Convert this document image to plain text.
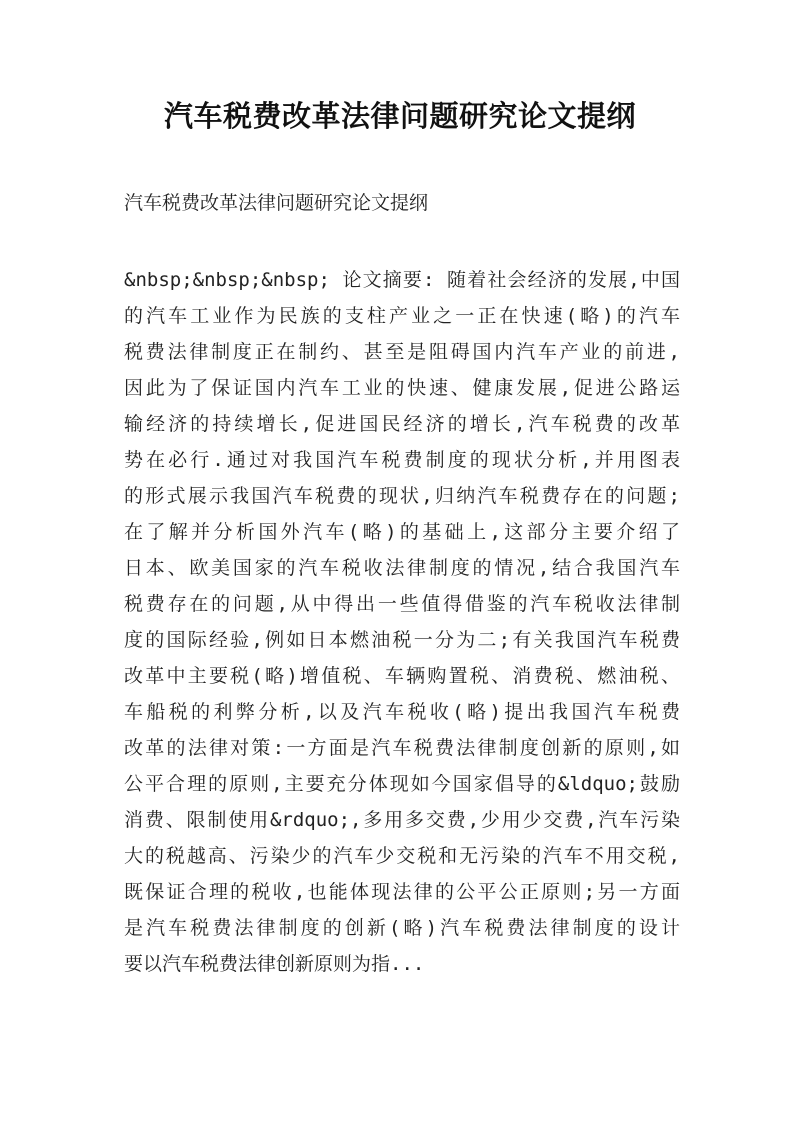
汽车税费改革法律问题研究论文提纲
汽车税费改革法律问题研究论文提纲
&nbsp;&nbsp;&nbsp; 论文摘要: 随着社会经济的发展,中国
的汽车工业作为民族的支柱产业之一正在快速(略)的汽车
税费法律制度正在制约、甚至是阻碍国内汽车产业的前进,
因此为了保证国内汽车工业的快速、健康发展,促进公路运
输经济的持续增长,促进国民经济的增长,汽车税费的改革
势在必行.通过对我国汽车税费制度的现状分析,并用图表
的形式展示我国汽车税费的现状,归纳汽车税费存在的问题;
在了解并分析国外汽车(略)的基础上,这部分主要介绍了
日本、欧美国家的汽车税收法律制度的情况,结合我国汽车
税费存在的问题,从中得出一些值得借鉴的汽车税收法律制
度的国际经验,例如日本燃油税一分为二;有关我国汽车税费
改革中主要税(略)增值税、车辆购置税、消费税、燃油税、
车船税的利弊分析,以及汽车税收(略)提出我国汽车税费
改革的法律对策:一方面是汽车税费法律制度创新的原则,如
公平合理的原则,主要充分体现如今国家倡导的&ldquo;鼓励
消费、限制使用&rdquo;,多用多交费,少用少交费,汽车污染
大的税越高、污染少的汽车少交税和无污染的汽车不用交税,
既保证合理的税收,也能体现法律的公平公正原则;另一方面
是汽车税费法律制度的创新(略)汽车税费法律制度的设计
要以汽车税费法律创新原则为指...
